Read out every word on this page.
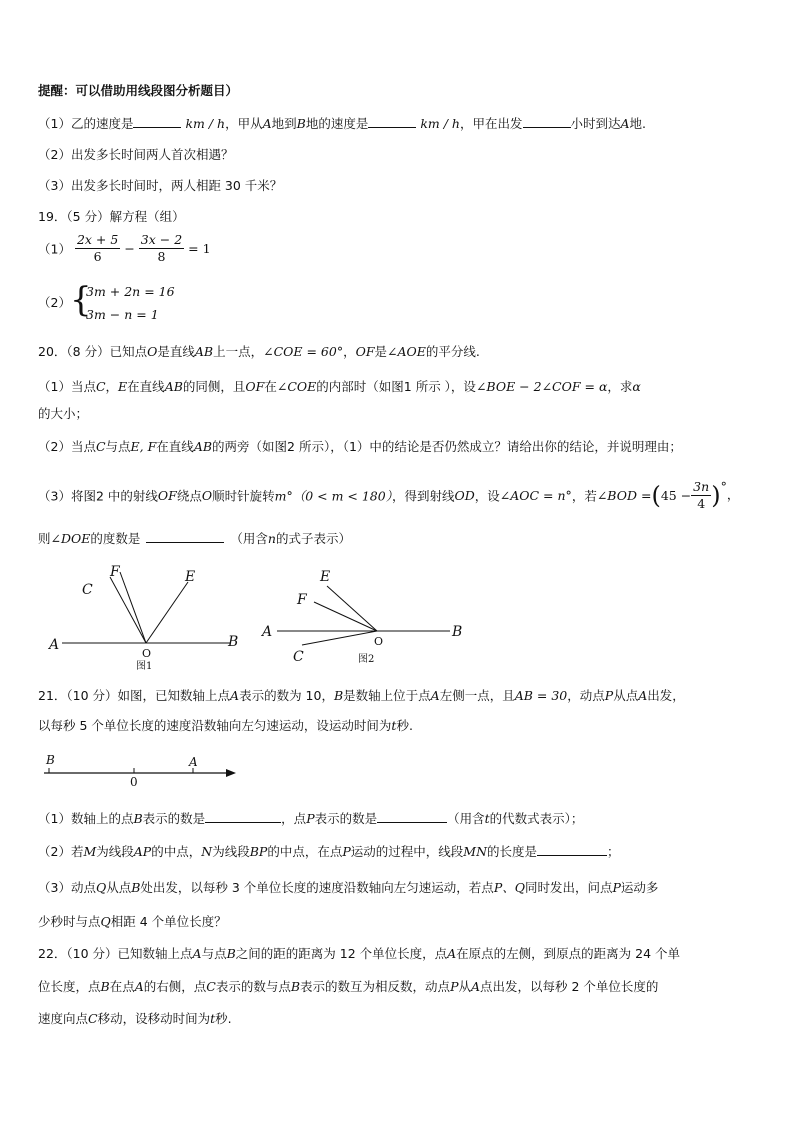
提醒：可以借助用线段图分析题目）
（1）乙的速度是	km / h，甲从A地到B地的速度是	km / h，甲在出发	小时到达A地.
（2）出发多长时间两人首次相遇？
（3）出发多长时间时，两人相距 30 千米？
19．（5 分）解方程（组）
$(1) \frac{2x + 5}{6} - \frac{3x - 2}{8} = 1$
（2） {
3m + 2n = 16
3m − n = 1
20．（8 分）已知点O是直线AB上一点，∠COE = 60°，OF是∠AOE的平分线.
（1）当点C，E在直线AB的同侧，且OF在∠COE的内部时（如图1 所示 ），设∠BOE − 2∠COF = α，求α
的大小；
（2）当点C与点E, F在直线AB的两旁（如图2 所示），（1）中的结论是否仍然成立？请给出你的结论，并说明理由；
（3）将图2 中的射线OF绕点O顺时针旋转m°（0 < m < 180），得到射线OD，设∠AOC = n°，若∠BOD $=(45 - \frac{3n}{4}$ )°，
则∠DOE的度数是	（用含n的式子表示）
F	E
C
A	B
O
图1
E
F
A	B
C
O
图2
21．（10 分）如图，已知数轴上点A表示的数为 10，B是数轴上位于点A左侧一点，且AB = 30，动点P从点A出发，
以每秒 5 个单位长度的速度沿数轴向左匀速运动，设运动时间为t秒.
B
0
A
（1）数轴上的点B表示的数是	，点P表示的数是	（用含t的代数式表示）；
（2）若M为线段AP的中点，N为线段BP的中点，在点P运动的过程中，线段MN的长度是	；
（3）动点Q从点B处出发，以每秒 3 个单位长度的速度沿数轴向左匀速运动，若点P、Q同时发出，问点P运动多
少秒时与点Q相距 4 个单位长度？
22．（10 分）已知数轴上点A与点B之间的距的距离为 12 个单位长度，点A在原点的左侧，到原点的距离为 24 个单
位长度，点B在点A的右侧，点C表示的数与点B表示的数互为相反数，动点P从A点出发，以每秒 2 个单位长度的
速度向点C移动，设移动时间为t秒.
